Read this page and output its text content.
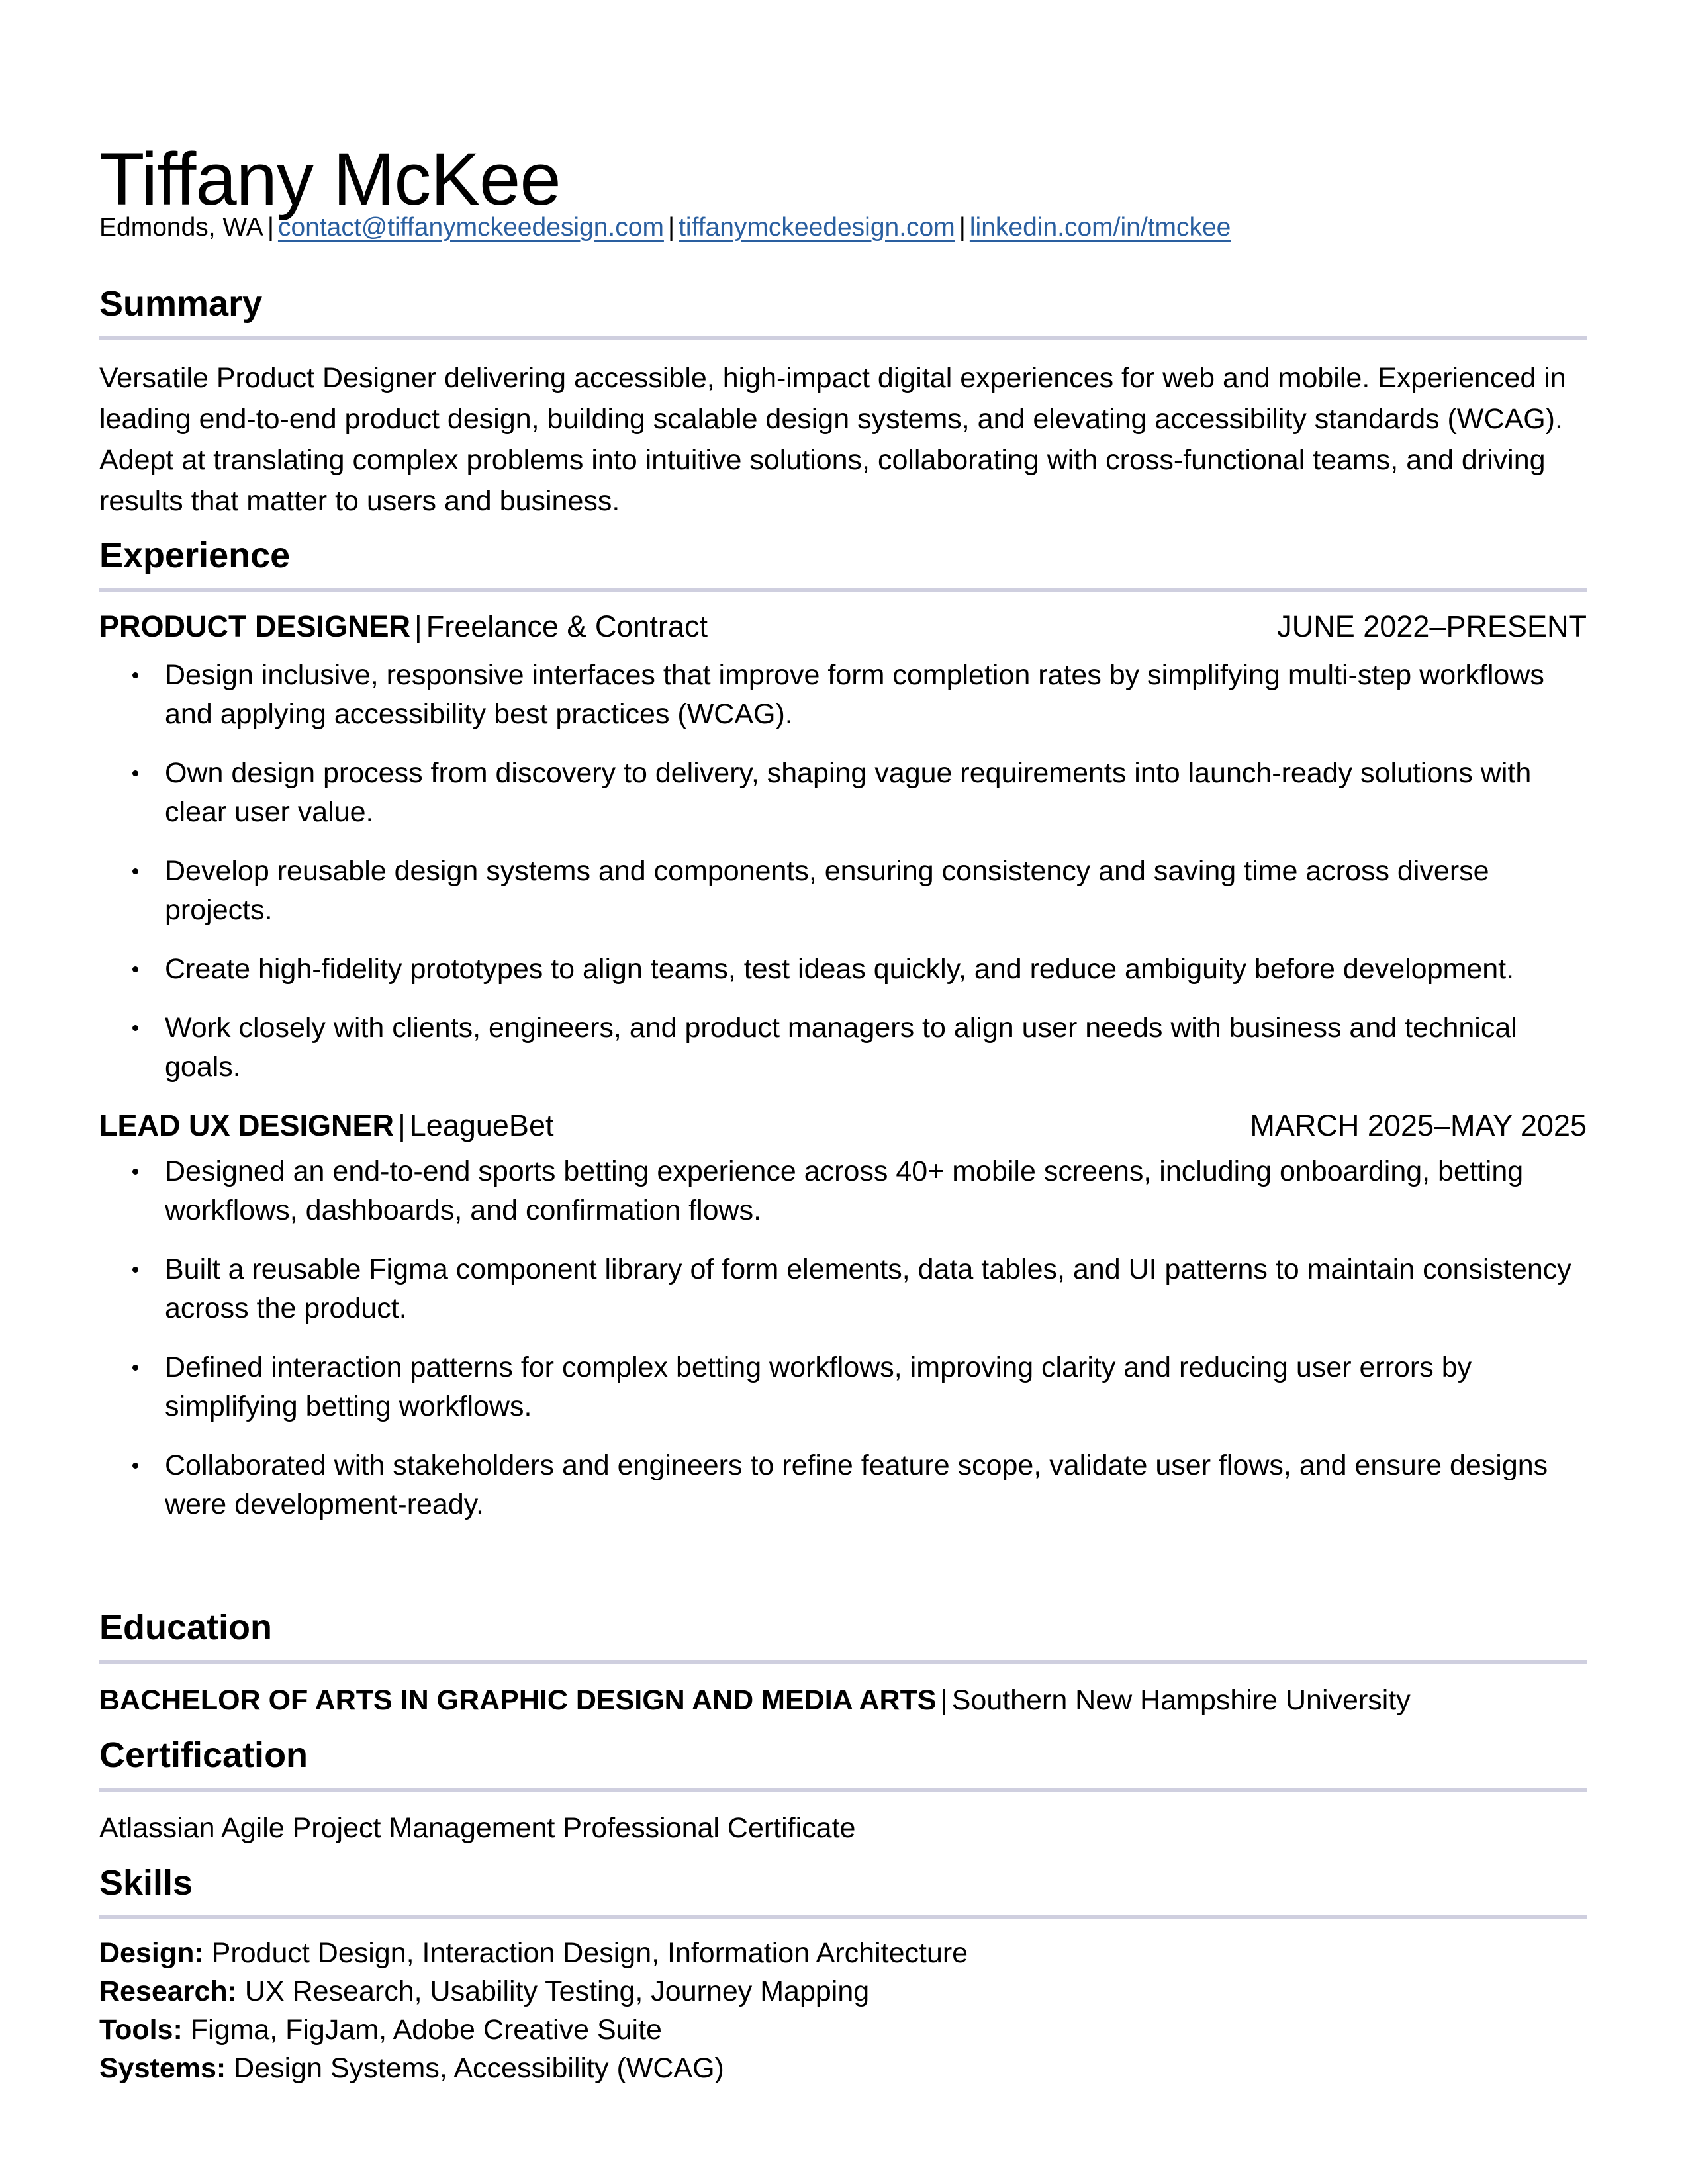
Tiffany McKee
Edmonds, WA | contact@tiffanymckeedesign.com | tiffanymckeedesign.com | linkedin.com/in/tmckee
Summary

Versatile Product Designer delivering accessible, high-impact digital experiences for web and mobile. Experienced in leading end-to-end product design, building scalable design systems, and elevating accessibility standards (WCAG). Adept at translating complex problems into intuitive solutions, collaborating with cross-functional teams, and driving results that matter to users and business.

Experience
PRODUCT DESIGNER | Freelance & Contract	JUNE 2022–PRESENT
Design inclusive, responsive interfaces that improve form completion rates by simplifying multi-step workflows and applying accessibility best practices (WCAG).
Own design process from discovery to delivery, shaping vague requirements into launch-ready solutions with clear user value.
Develop reusable design systems and components, ensuring consistency and saving time across diverse projects.
Create high-fidelity prototypes to align teams, test ideas quickly, and reduce ambiguity before development.
Work closely with clients, engineers, and product managers to align user needs with business and technical goals.
LEAD UX DESIGNER | LeagueBet	MARCH 2025–MAY 2025
Designed an end-to-end sports betting experience across 40+ mobile screens, including onboarding, betting workflows, dashboards, and confirmation flows.
Built a reusable Figma component library of form elements, data tables, and UI patterns to maintain consistency across the product.
Defined interaction patterns for complex betting workflows, improving clarity and reducing user errors by simplifying betting workflows.
Collaborated with stakeholders and engineers to refine feature scope, validate user flows, and ensure designs were development-ready.
Education
BACHELOR OF ARTS IN GRAPHIC DESIGN AND MEDIA ARTS | Southern New Hampshire University
Certification
Atlassian Agile Project Management Professional Certificate
Skills
Design: Product Design, Interaction Design, Information Architecture
Research: UX Research, Usability Testing, Journey Mapping
Tools: Figma, FigJam, Adobe Creative Suite
Systems: Design Systems, Accessibility (WCAG)
